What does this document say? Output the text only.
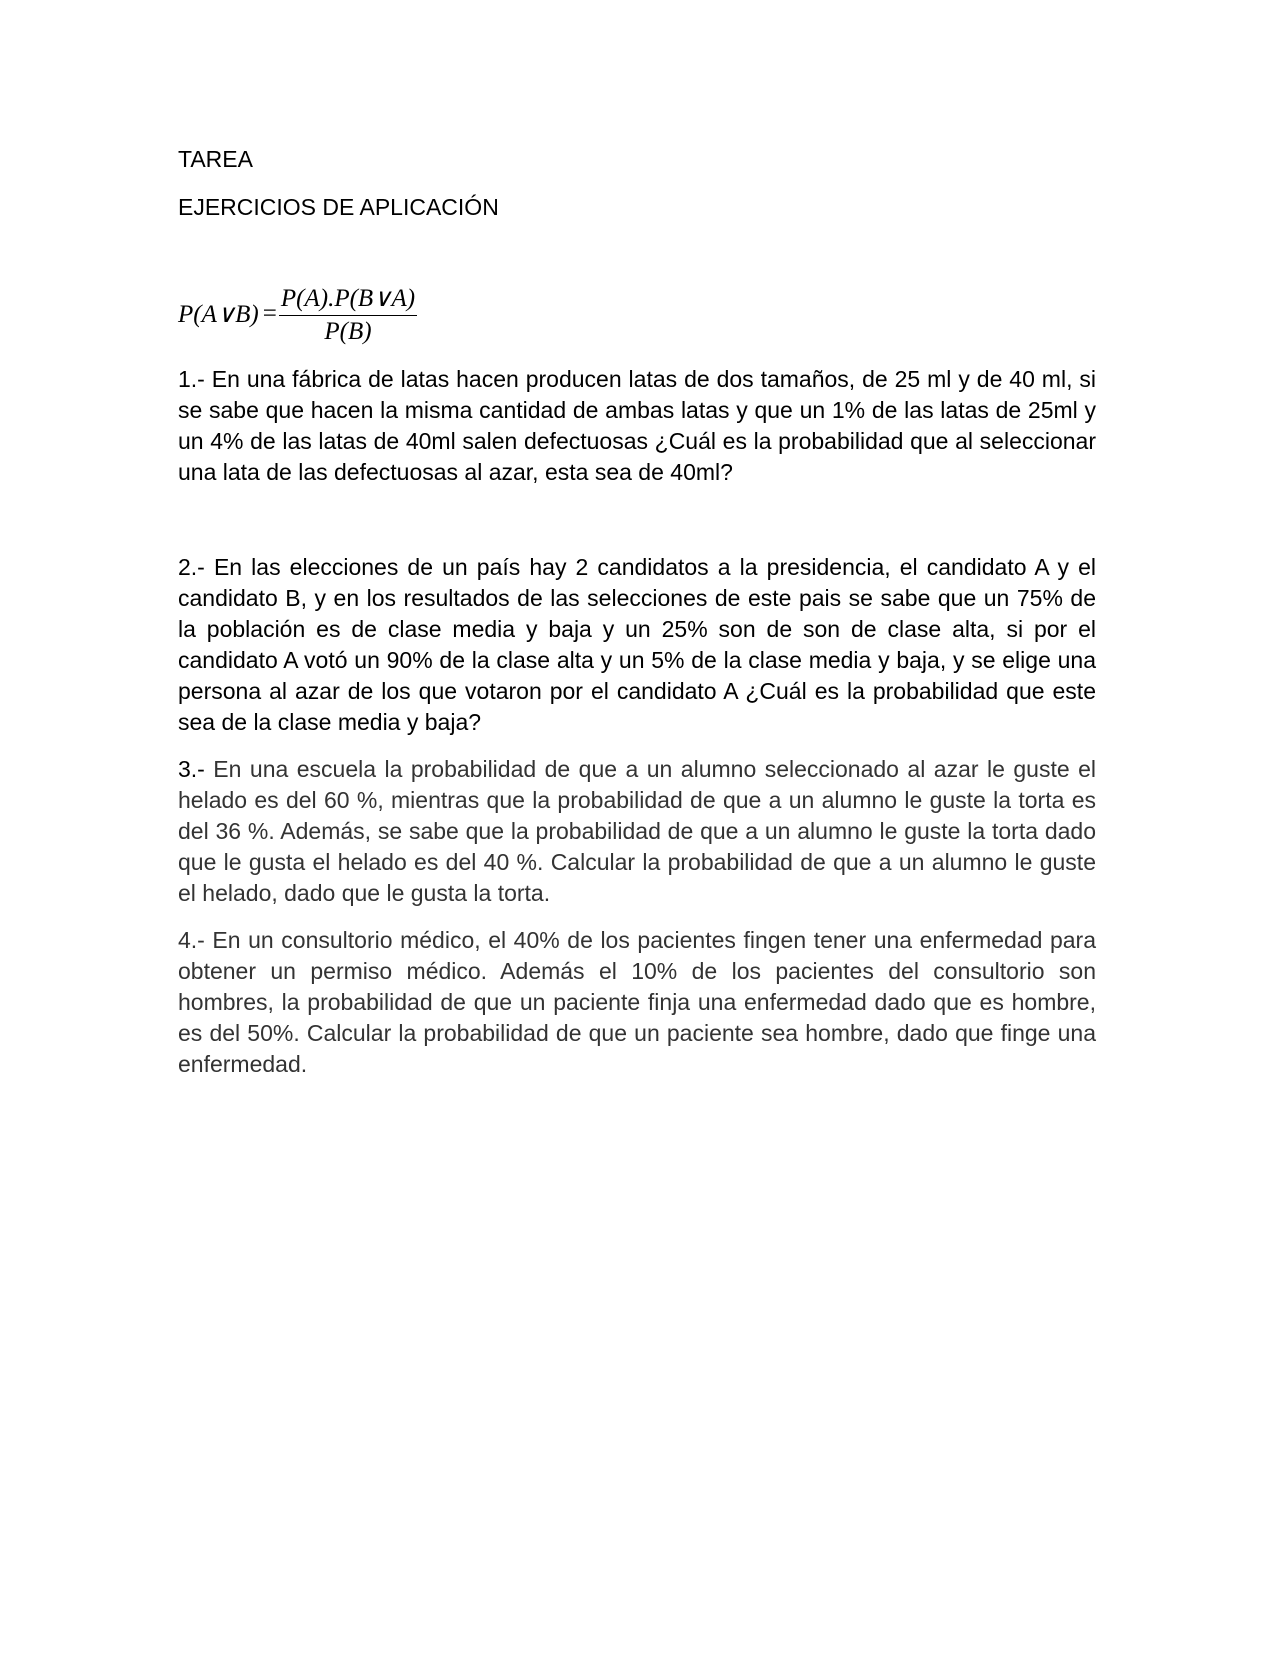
TAREA

EJERCICIOS DE APLICACIÓN

P(A∨B) = $\frac{P(A).P(B\vee A)}{P(B)}$

1.- En una fábrica de latas hacen producen latas de dos tamaños, de 25 ml y de 40 ml, si se sabe que hacen la misma cantidad de ambas latas y que un 1% de las latas de 25ml y un 4% de las latas de 40ml salen defectuosas ¿Cuál es la probabilidad que al seleccionar una lata de las defectuosas al azar, esta sea de 40ml?

2.- En las elecciones de un país hay 2 candidatos a la presidencia, el candidato A y el candidato B, y en los resultados de las selecciones de este pais se sabe que un 75% de la población es de clase media y baja y un 25% son de son de clase alta, si por el candidato A votó un 90% de la clase alta y un 5% de la clase media y baja, y se elige una persona al azar de los que votaron por el candidato A ¿Cuál es la probabilidad que este sea de la clase media y baja?

3.- En una escuela la probabilidad de que a un alumno seleccionado al azar le guste el helado es del 60 %, mientras que la probabilidad de que a un alumno le guste la torta es del 36 %. Además, se sabe que la probabilidad de que a un alumno le guste la torta dado que le gusta el helado es del 40 %. Calcular la probabilidad de que a un alumno le guste el helado, dado que le gusta la torta.

4.- En un consultorio médico, el 40% de los pacientes fingen tener una enfermedad para obtener un permiso médico. Además el 10% de los pacientes del consultorio son hombres, la probabilidad de que un paciente finja una enfermedad dado que es hombre, es del 50%. Calcular la probabilidad de que un paciente sea hombre, dado que finge una enfermedad.
